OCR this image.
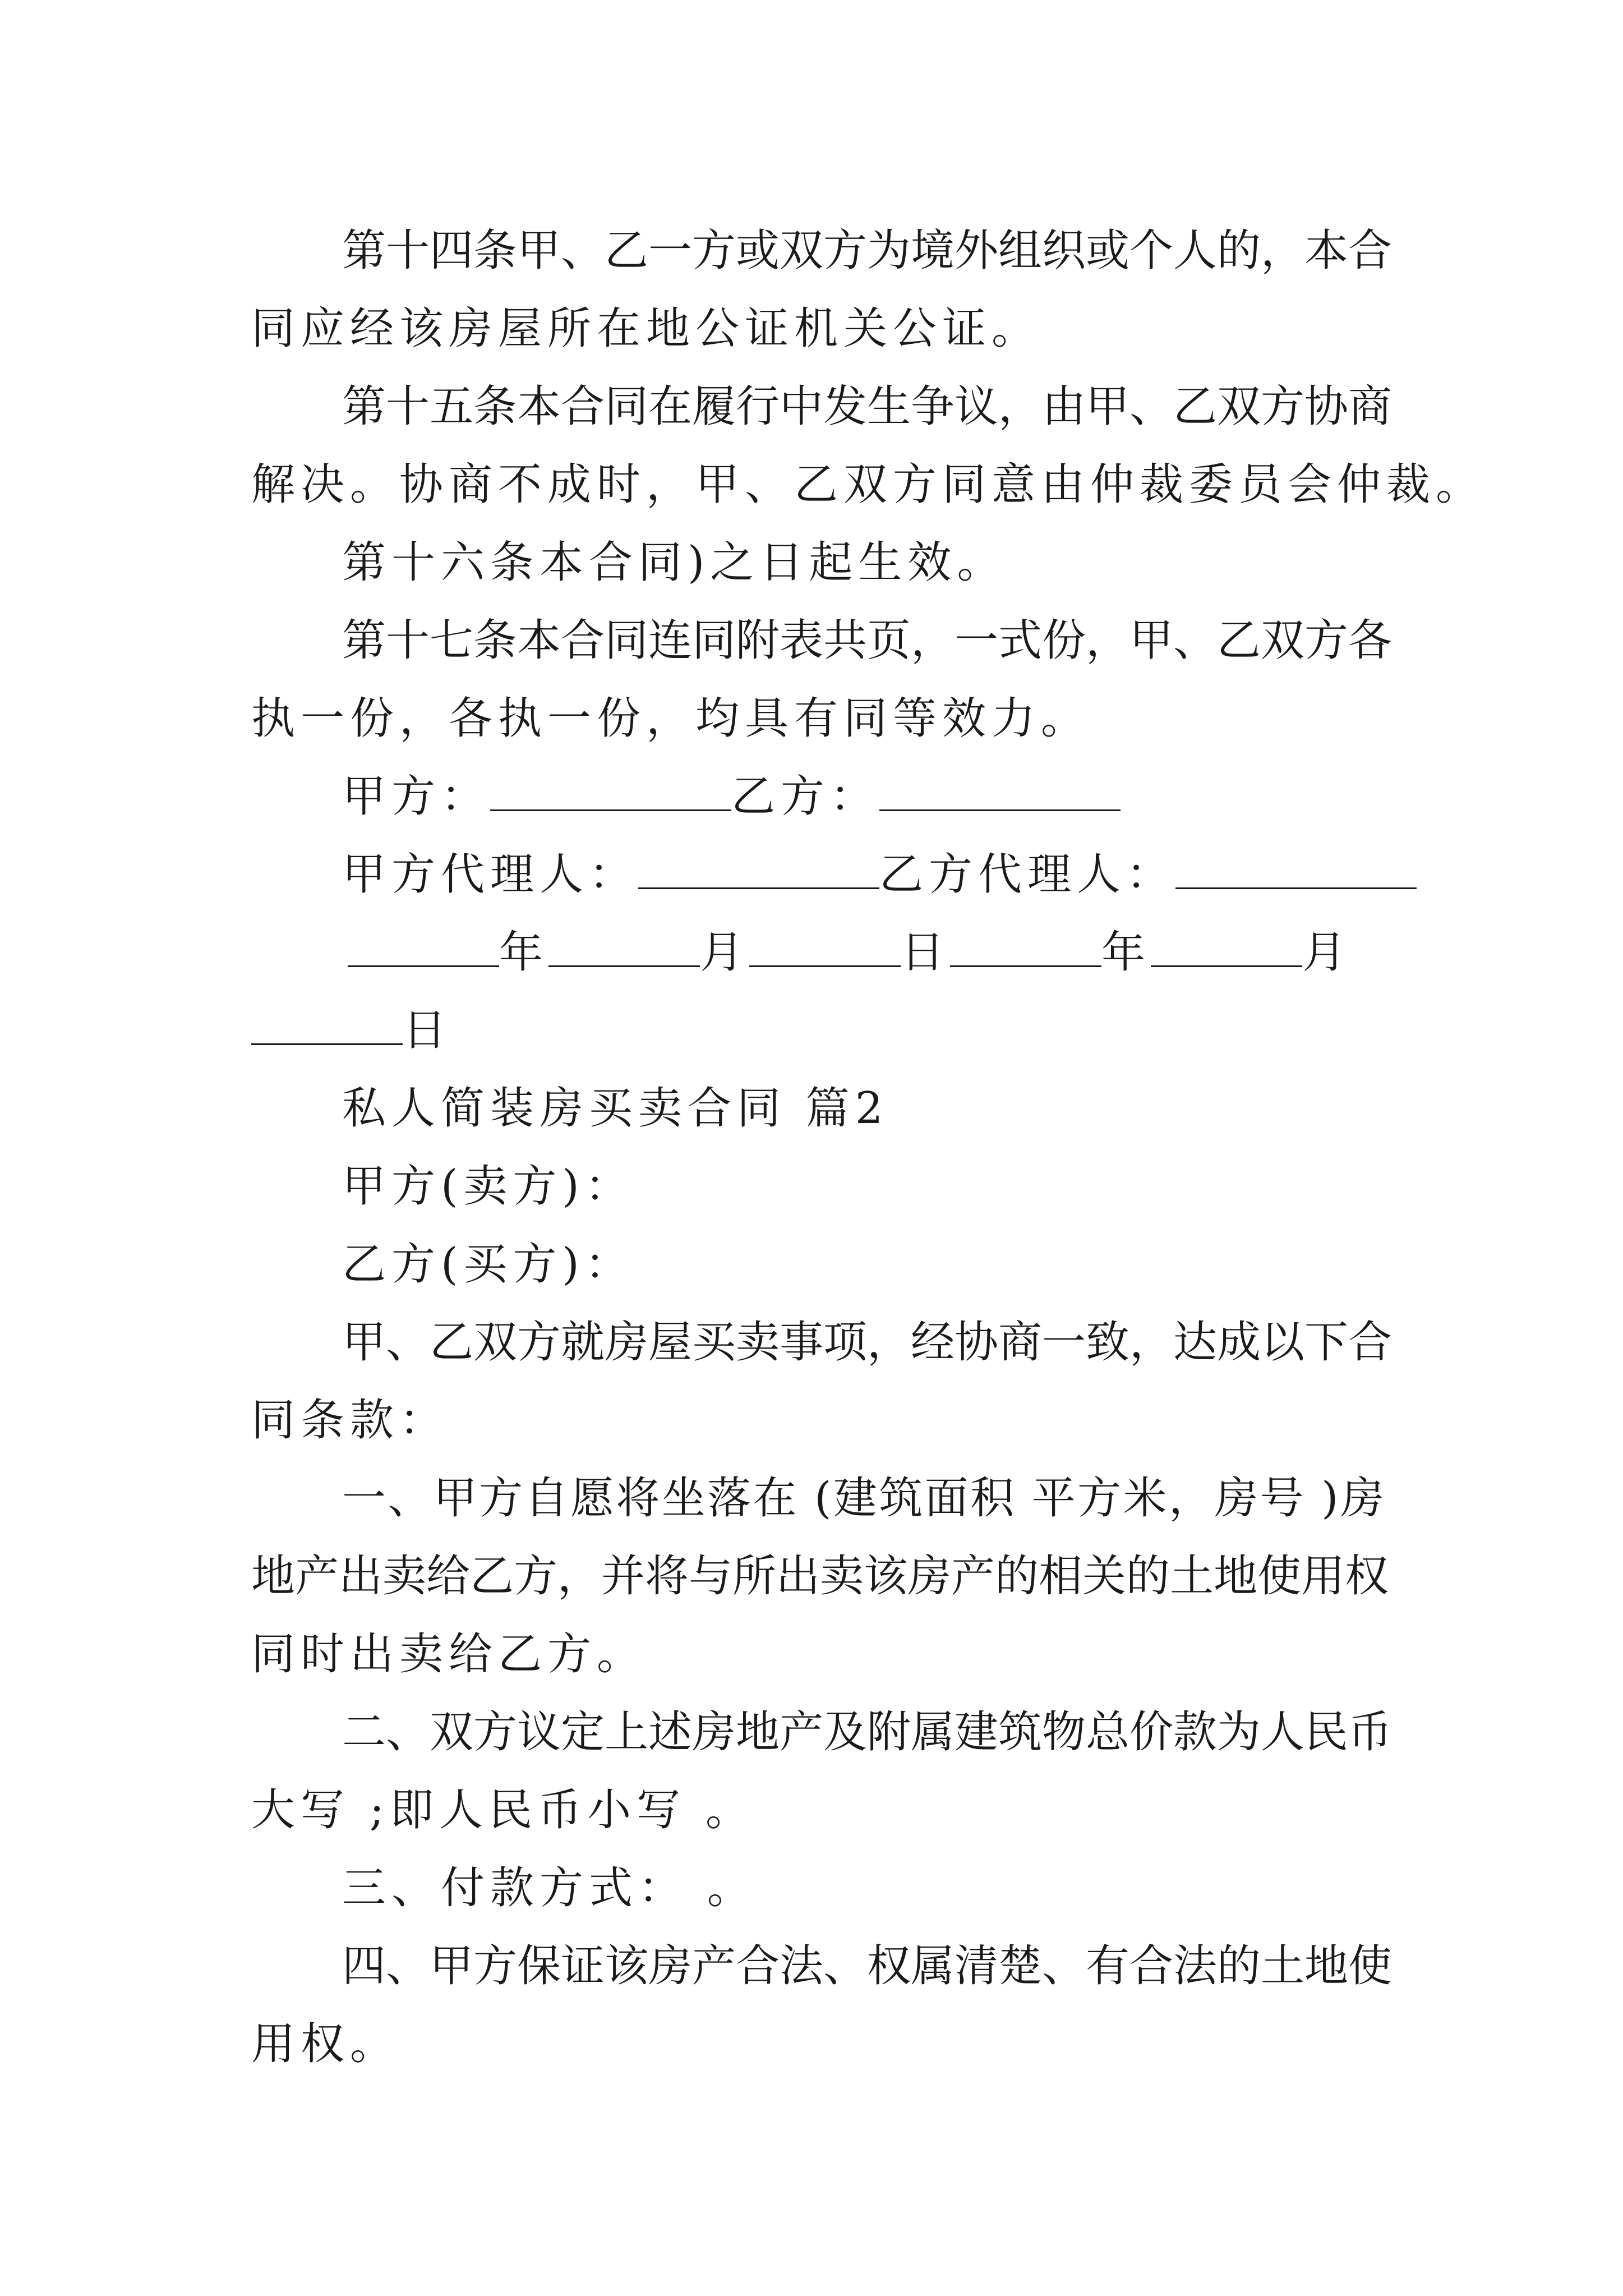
第十四条甲、乙一方或双方为境外组织或个人的，本合
同应经该房屋所在地公证机关公证。
第十五条本合同在履行中发生争议，由甲、乙双方协商
解决。协商不成时，甲、乙双方同意由仲裁委员会仲裁。
第十六条本合同)之日起生效。
第十七条本合同连同附表共页，一式份，甲、乙双方各
执一份，各执一份，均具有同等效力。
甲方：	乙方：
甲方代理人：	乙方代理人：
年	月	日	年	月
日
私人简装房买卖合同 篇2
甲方(卖方)：
乙方(买方)：
甲、乙双方就房屋买卖事项，经协商一致，达成以下合
同条款：
一、甲方自愿将坐落在 (建筑面积 平方米，房号 )房
地产出卖给乙方，并将与所出卖该房产的相关的土地使用权
同时出卖给乙方。
二、双方议定上述房地产及附属建筑物总价款为人民币
大写 ;即人民币小写 。
三、付款方式： 。
四、甲方保证该房产合法、权属清楚、有合法的土地使
用权。
